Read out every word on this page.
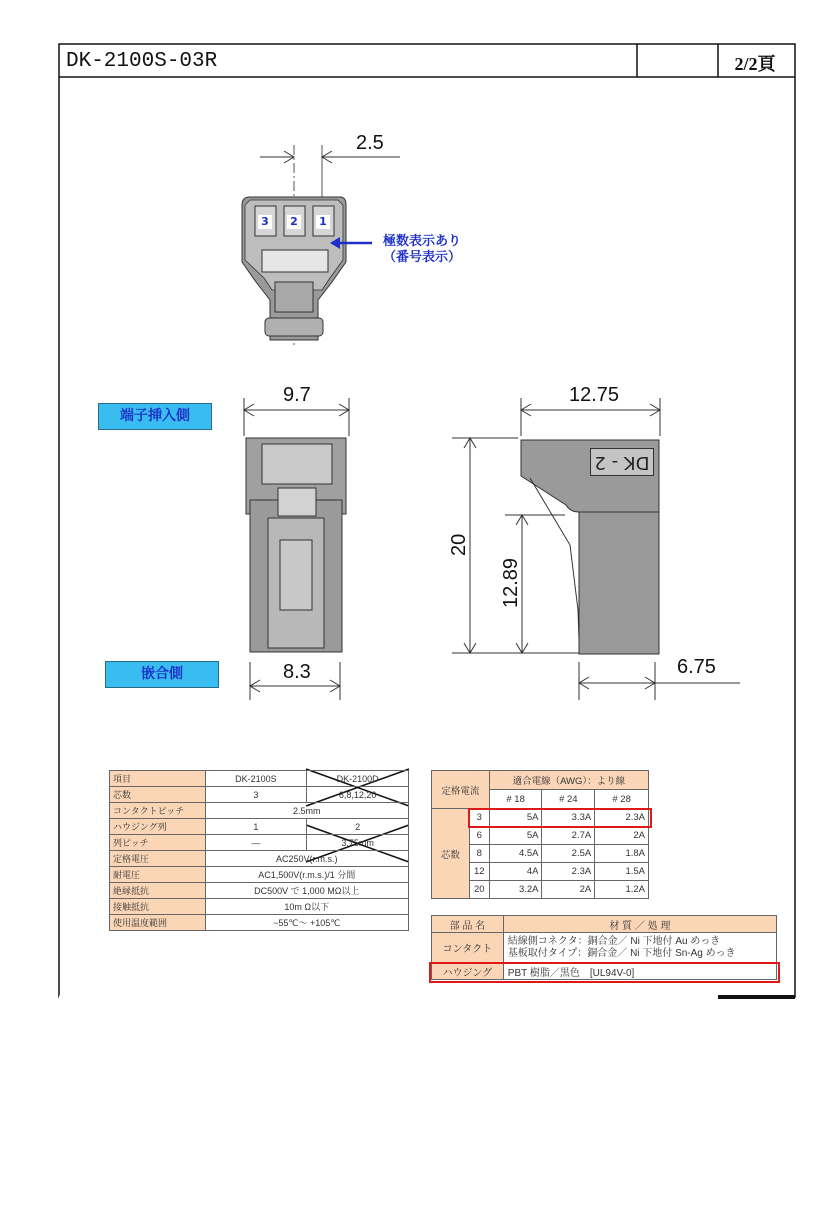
DK-2100S-03R	2/2頁
2.5
3 2 1
極数表示あり
（番号表示）
端子挿入側
9.7
嵌合側	8.3
12.75
20
12.89
6.75
DK - 2
項目	DK-2100S	DK-2100D
芯数	3	6,8,12,20
コンタクトピッチ	2.5mm	
ハウジング列	1	2
列ピッチ	―	3.75mm
定格電圧	AC250V(r.m.s.)	
耐電圧	AC1,500V(r.m.s.)/1 分間	
絶縁抵抗	DC500V で 1,000 MΩ以上	
接触抵抗	10m Ω以下	
使用温度範囲	−55℃〜 +105℃	
定格電流		適合電線（AWG）：より線		
		# 18	# 24	# 28
芯数	3	5A	3.3A	2.3A
	6	5A	2.7A	2A
	8	4.5A	2.5A	1.8A
	12	4A	2.3A	1.5A
	20	3.2A	2A	1.2A
部 品 名	材 質 ／ 処 理
コンタクト	結線側コネクタ：銅合金／ Ni 下地付 Au めっき
基板取付タイプ：銅合金／ Ni 下地付 Sn-Ag めっき

ハウジング	PBT 樹脂／黒色　[UL94V-0]
